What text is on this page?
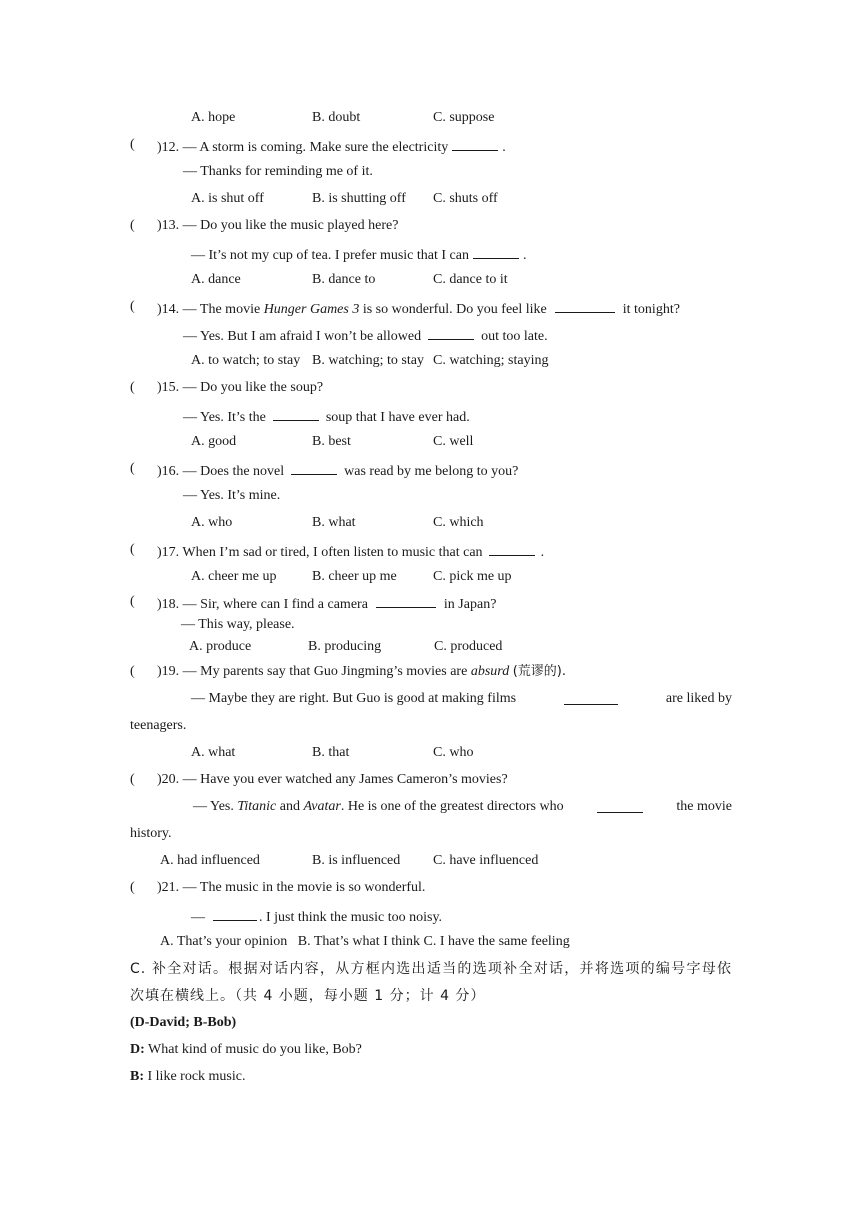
A. hope	B. doubt	C. suppose
( )12. — A storm is coming. Make sure the electricity	.
— Thanks for reminding me of it.
A. is shut off	B. is shutting off C. shuts off
( )13. — Do you like the music played here?
— It’s not my cup of tea. I prefer music that I can	.
A. dance	B. dance to	C. dance to it
( )14. — The movie Hunger Games 3 is so wonderful. Do you feel like	it tonight?
— Yes. But I am afraid I won’t be allowed	out too late.
A. to watch; to stay B. watching; to stay C. watching; staying
( )15. — Do you like the soup?
— Yes. It’s the	soup that I have ever had.
A. good	B. best	C. well
( )16. — Does the novel	was read by me belong to you?
— Yes. It’s mine.
A. who	B. what	C. which
( )17. When I’m sad or tired, I often listen to music that can	.
A. cheer me up	B. cheer up me	C. pick me up
( )18. — Sir, where can I find a camera	in Japan?
— This way, please.
A. produce	B. producing	C. produced
( )19. — My parents say that Guo Jingming’s movies are absurd (荒谬的).
— Maybe they are right. But Guo is good at making films	are liked by
teenagers.
A. what	B. that	C. who
( )20. — Have you ever watched any James Cameron’s movies?
— Yes. Titanic and Avatar. He is one of the greatest directors who	the movie
history.
A. had influenced	B. is influenced C. have influenced
( )21. — The music in the movie is so wonderful.
—	. I just think the music too noisy.
A. That’s your opinion B. That’s what I think C. I have the same feeling
C. 补全对话。根据对话内容，从方框内选出适当的选项补全对话，并将选项的编号字母依
次填在横线上。（共 4 小题，每小题 1 分；计 4 分）
(D-David; B-Bob)
D: What kind of music do you like, Bob?
B: I like rock music.
